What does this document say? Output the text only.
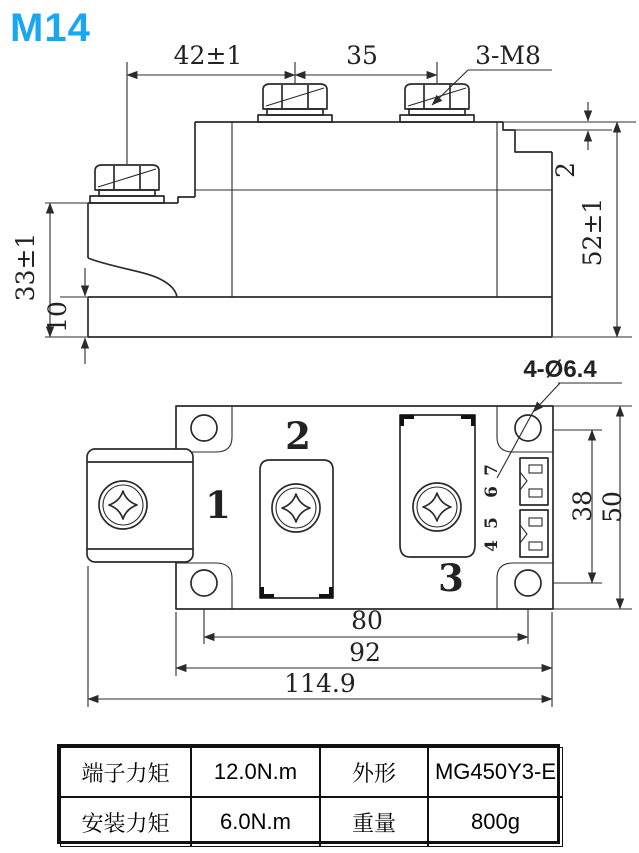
M14
42±1	35	3-M8
2
52±1
33±1
10
4-Ø6.4
38 50
80
92
114.9
1
2
3
7
6
5
4
端子力矩	12.0N.m	外形	MG450Y3-E
安装力矩	6.0N.m	重量	800g
